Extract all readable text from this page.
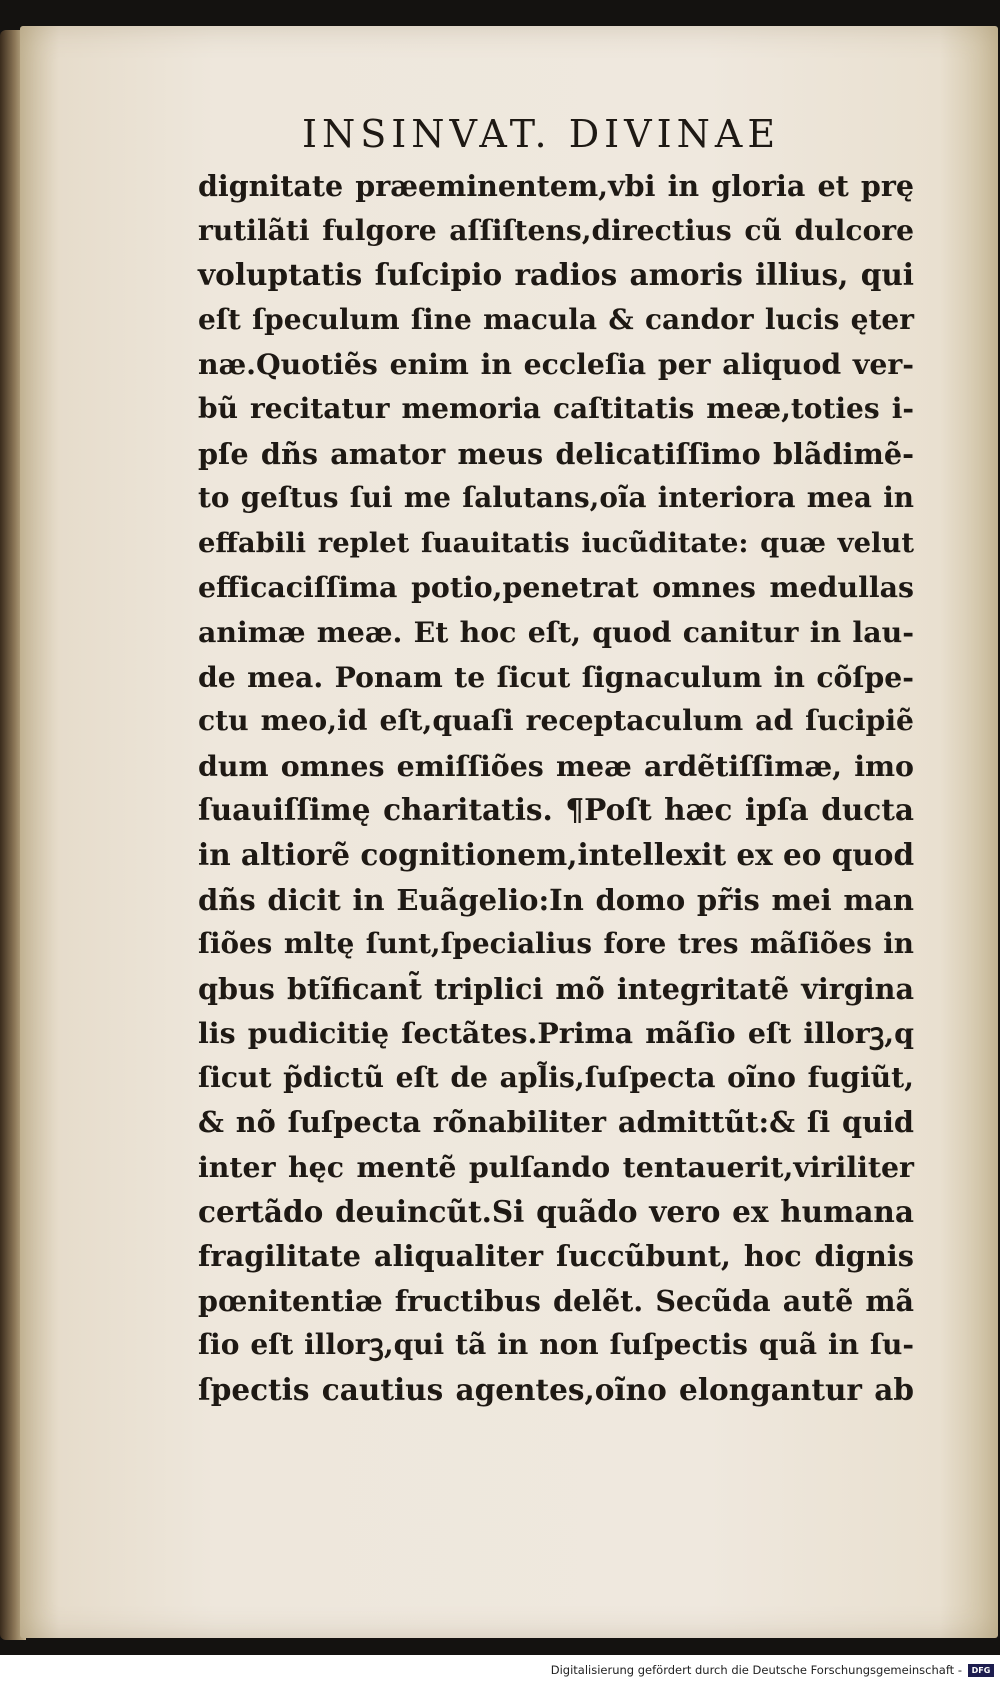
INSINVAT. DIVINAE
dignitate præeminentem,vbi in gloria et prę
rutilãti fulgore aſſiſtens,directius cũ dulcore
voluptatis ſuſcipio radios amoris illius, qui
eſt ſpeculum ſine macula & candor lucis ęter
næ.Quotiẽs enim in eccleſia per aliquod ver-
bũ recitatur memoria caſtitatis meæ,toties i-
pſe dñs amator meus delicatiſſimo blãdimẽ-
to geſtus ſui me ſalutans,oĩa interiora mea in
effabili replet ſuauitatis iucũditate: quæ velut
efficaciſſima potio,penetrat omnes medullas
animæ meæ. Et hoc eſt, quod canitur in lau-
de mea. Ponam te ſicut ſignaculum in cõſpe-
ctu meo,id eſt,quaſi receptaculum ad ſucipiẽ
dum omnes emiſſiões meæ ardẽtiſſimæ, imo
ſuauiſſimę charitatis. ¶Poſt hæc ipſa ducta
in altiorẽ cognitionem,intellexit ex eo quod
dñs dicit in Euãgelio:In domo pr̃is mei man
ſiões mltę ſunt,ſpecialius fore tres mãſiões in
qbus btĩficant̃ triplici mõ integritatẽ virgina
lis pudicitię ſectãtes.Prima mãſio eſt illorꝫ,q
ſicut p̃dictũ eſt de apl̃is,ſuſpecta oĩno fugiũt,
& nõ ſuſpecta rõnabiliter admittũt:& ſi quid
inter hęc mentẽ pulſando tentauerit,viriliter
certãdo deuincũt.Si quãdo vero ex humana
fragilitate aliqualiter ſuccũbunt, hoc dignis
pœnitentiæ fructibus delẽt. Secũda autẽ mã
ſio eſt illorꝫ,qui tã in non ſuſpectis quã in ſu-
ſpectis cautius agentes,oĩno elongantur ab
Digitalisierung gefördert durch die Deutsche Forschungsgemeinschaft -	DFG
